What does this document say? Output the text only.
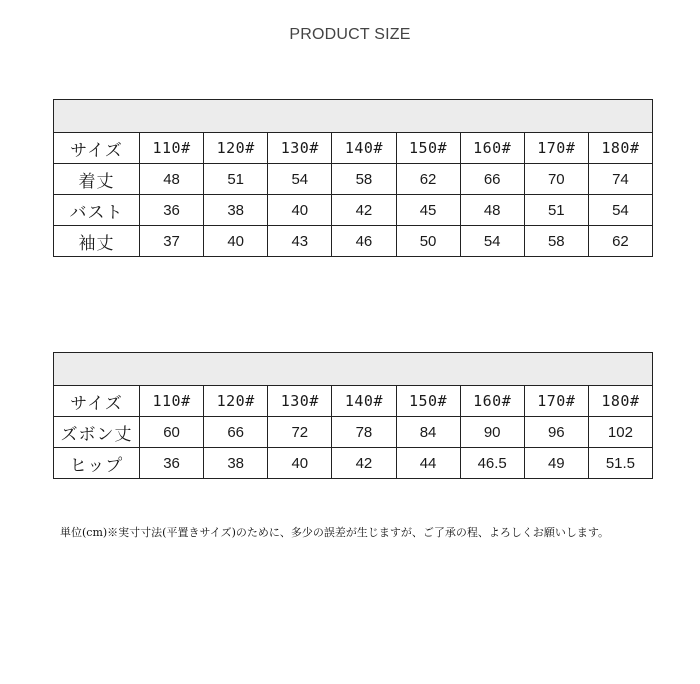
PRODUCT SIZE

サイズ	110#	120#	130#	140#	150#	160#	170#	180#
着丈	48	51	54	58	62	66	70	74
バスト	36	38	40	42	45	48	51	54
袖丈	37	40	43	46	50	54	58	62

サイズ	110#	120#	130#	140#	150#	160#	170#	180#
ズボン丈	60	66	72	78	84	90	96	102
ヒップ	36	38	40	42	44	46.5	49	51.5
単位(cm)※実寸寸法(平置きサイズ)のために、多少の誤差が生じますが、ご了承の程、よろしくお願いします。
